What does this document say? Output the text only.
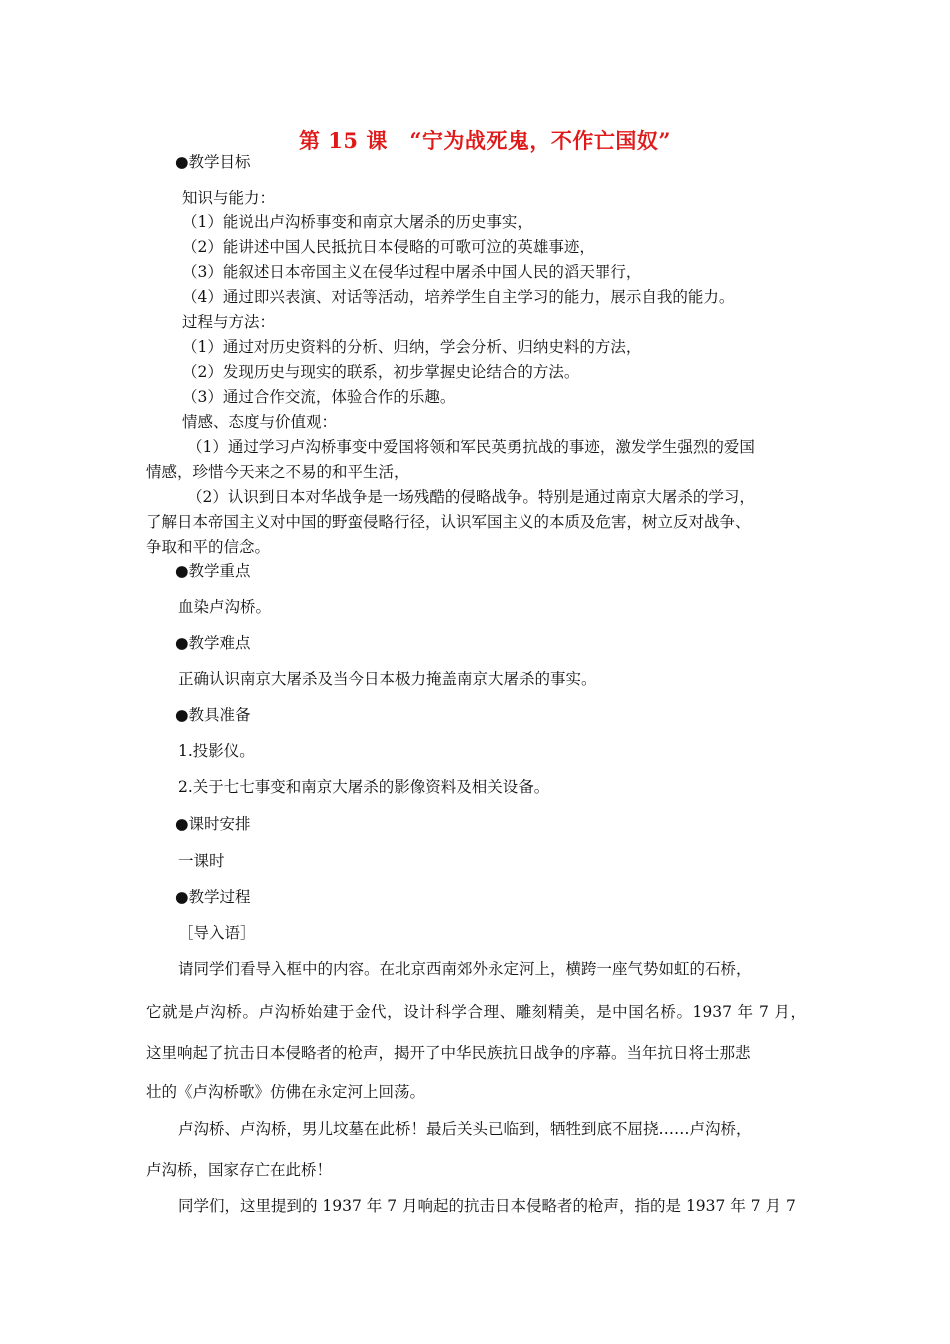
第 15 课　“宁为战死鬼，不作亡国奴”
●教学目标
知识与能力：
（1）能说出卢沟桥事变和南京大屠杀的历史事实，
（2）能讲述中国人民抵抗日本侵略的可歌可泣的英雄事迹，
（3）能叙述日本帝国主义在侵华过程中屠杀中国人民的滔天罪行，
（4）通过即兴表演、对话等活动，培养学生自主学习的能力，展示自我的能力。
过程与方法：
（1）通过对历史资料的分析、归纳，学会分析、归纳史料的方法，
（2）发现历史与现实的联系，初步掌握史论结合的方法。
（3）通过合作交流，体验合作的乐趣。
情感、态度与价值观：
（1）通过学习卢沟桥事变中爱国将领和军民英勇抗战的事迹，激发学生强烈的爱国
情感，珍惜今天来之不易的和平生活，
（2）认识到日本对华战争是一场残酷的侵略战争。特别是通过南京大屠杀的学习，
了解日本帝国主义对中国的野蛮侵略行径，认识军国主义的本质及危害，树立反对战争、
争取和平的信念。
●教学重点
血染卢沟桥。
●教学难点
正确认识南京大屠杀及当今日本极力掩盖南京大屠杀的事实。
●教具准备
1.投影仪。
2.关于七七事变和南京大屠杀的影像资料及相关设备。
●课时安排
一课时
●教学过程
［导入语］
请同学们看导入框中的内容。在北京西南郊外永定河上，横跨一座气势如虹的石桥，
它就是卢沟桥。卢沟桥始建于金代，设计科学合理、雕刻精美，是中国名桥。1937 年 7 月，
这里响起了抗击日本侵略者的枪声，揭开了中华民族抗日战争的序幕。当年抗日将士那悲
壮的《卢沟桥歌》仿佛在永定河上回荡。
卢沟桥、卢沟桥，男儿坟墓在此桥！最后关头已临到，牺牲到底不屈挠……卢沟桥，
卢沟桥，国家存亡在此桥！
同学们，这里提到的 1937 年 7 月响起的抗击日本侵略者的枪声，指的是 1937 年 7 月 7
